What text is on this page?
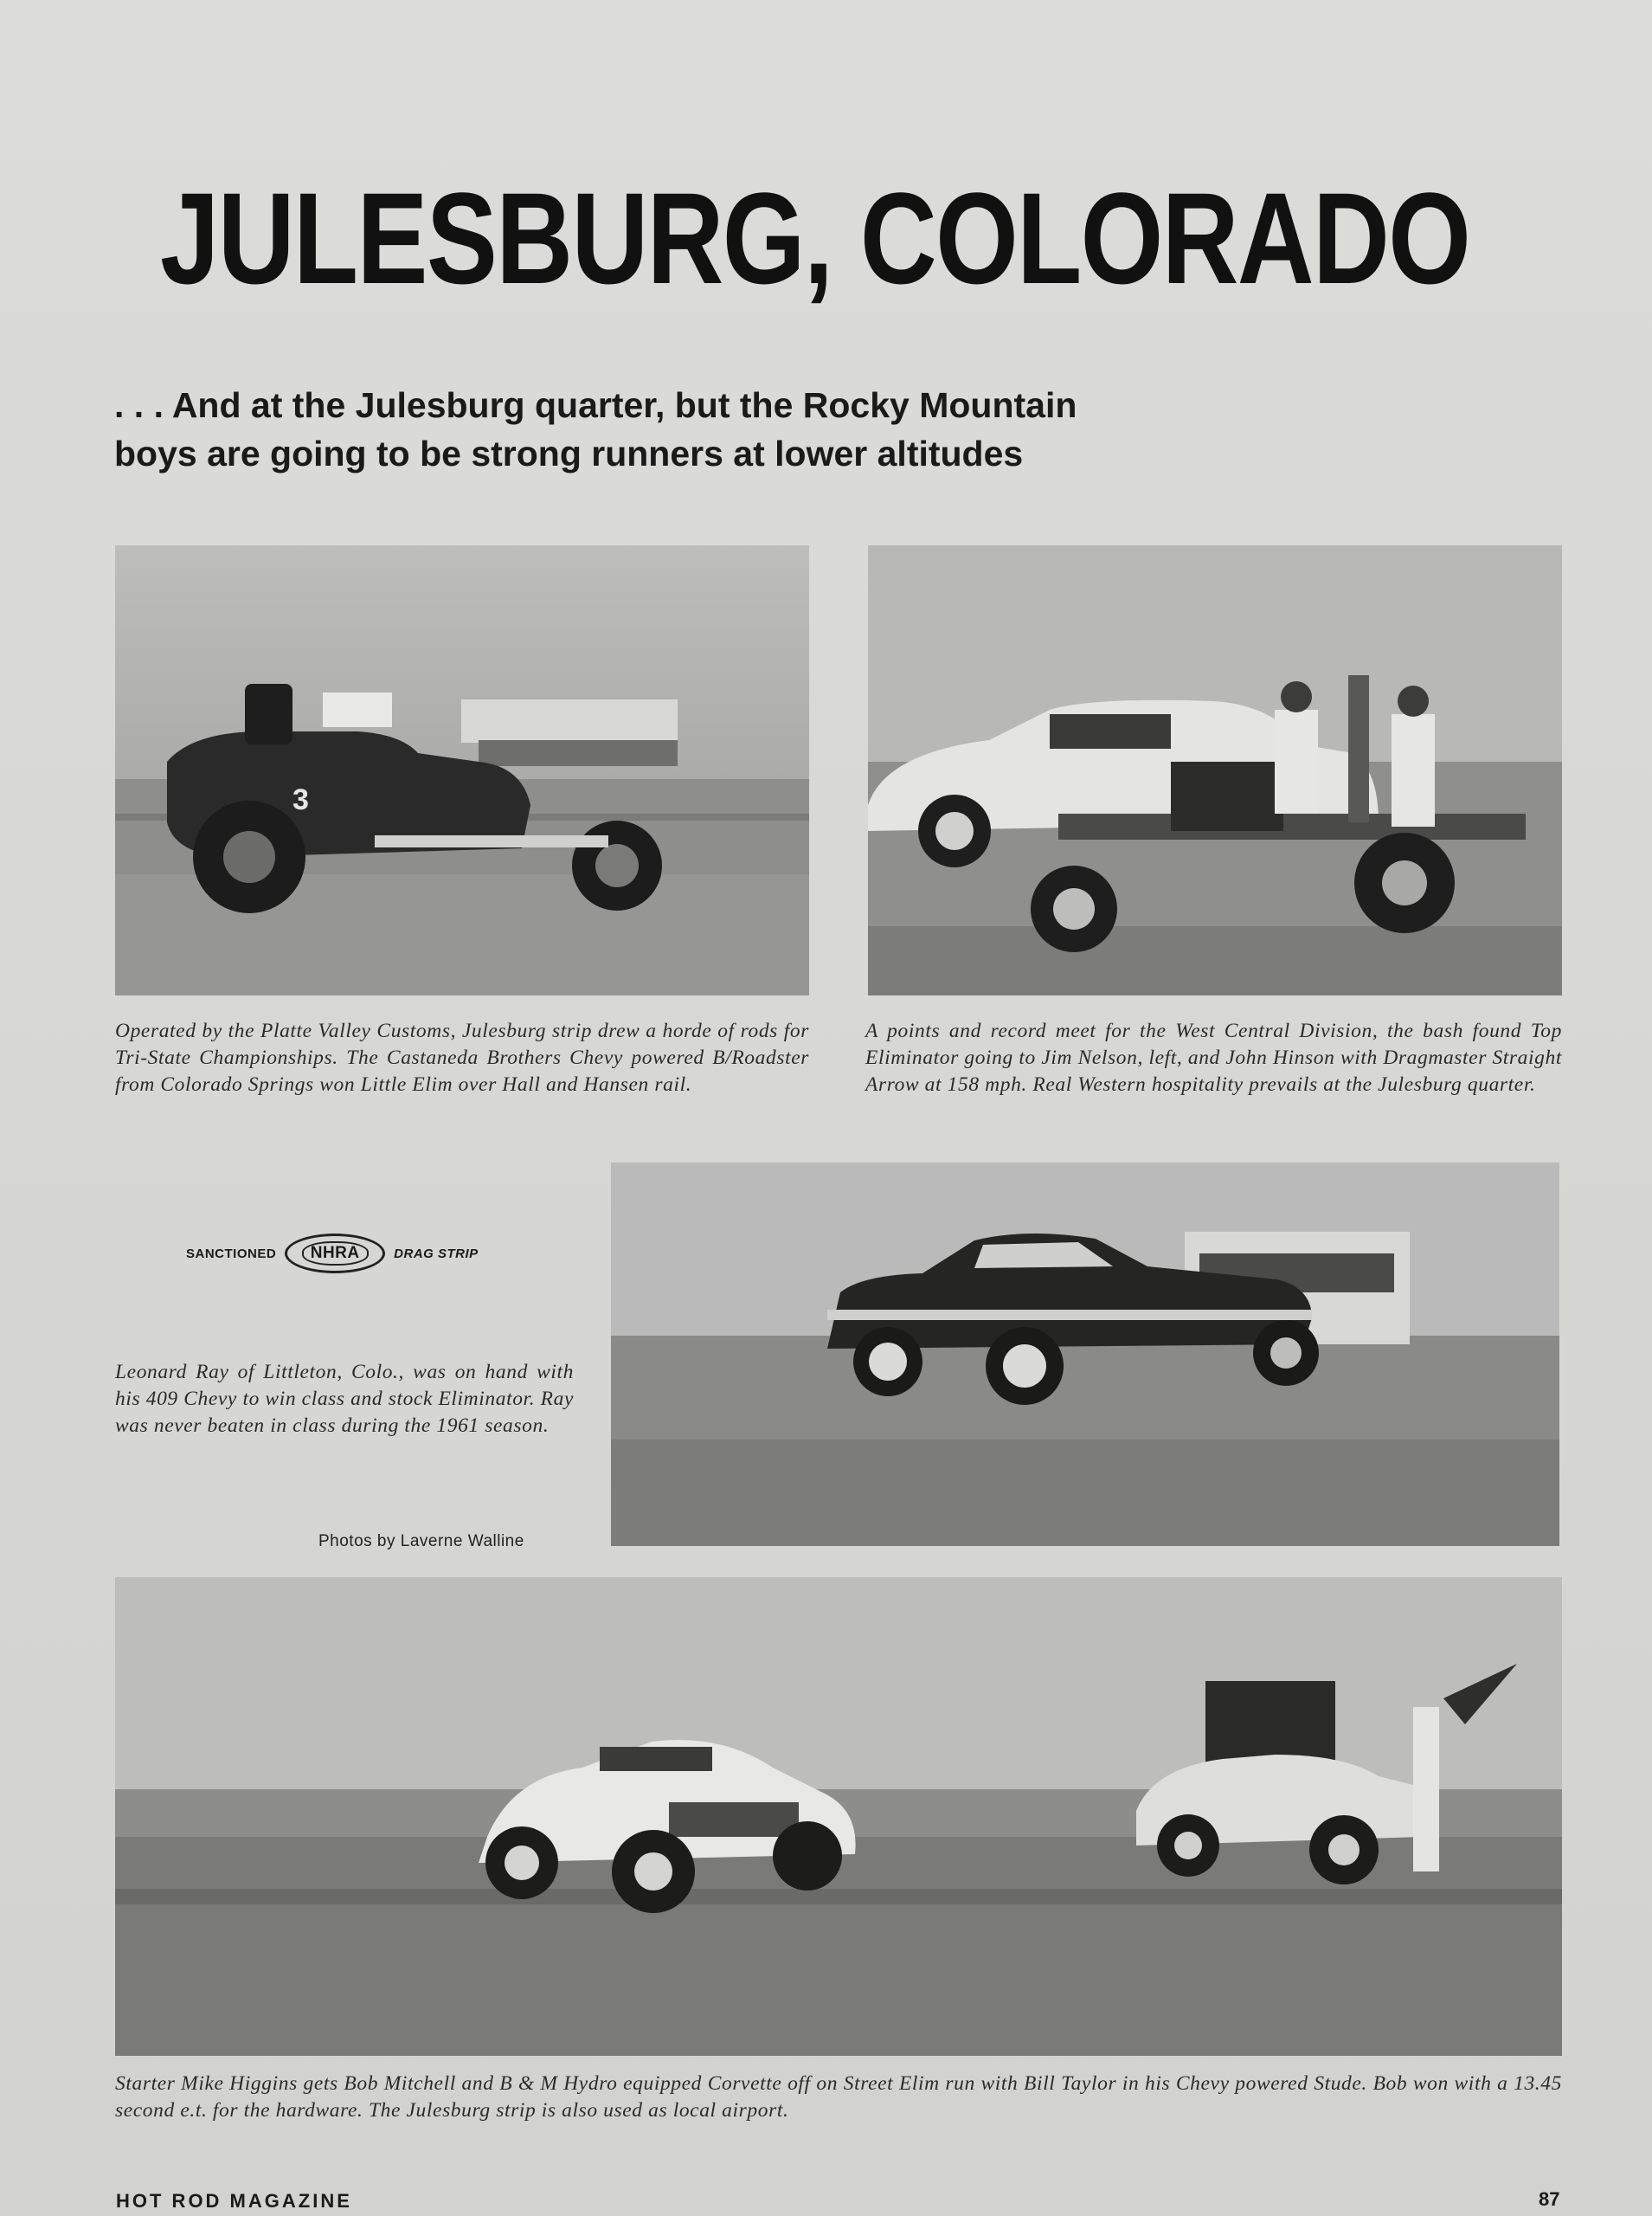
JULESBURG, COLORADO
. . . And at the Julesburg quarter, but the Rocky Mountain
boys are going to be strong runners at lower altitudes
3
Operated by the Platte Valley Customs, Julesburg strip drew a horde of rods for Tri-State Championships. The Castaneda Brothers Chevy powered B/Roadster from Colorado Springs won Little Elim over Hall and Hansen rail.
A points and record meet for the West Central Division, the bash found Top Eliminator going to Jim Nelson, left, and John Hinson with Dragmaster Straight Arrow at 158 mph. Real Western hospitality prevails at the Julesburg quarter.
SANCTIONED	NHRA	DRAG STRIP
Leonard Ray of Littleton, Colo., was on hand with his 409 Chevy to win class and stock Eliminator. Ray was never beaten in class during the 1961 season.
Photos by Laverne Walline
Starter Mike Higgins gets Bob Mitchell and B & M Hydro equipped Corvette off on Street Elim run with Bill Taylor in his Chevy powered Stude. Bob won with a 13.45 second e.t. for the hardware. The Julesburg strip is also used as local airport.
HOT ROD MAGAZINE	87
